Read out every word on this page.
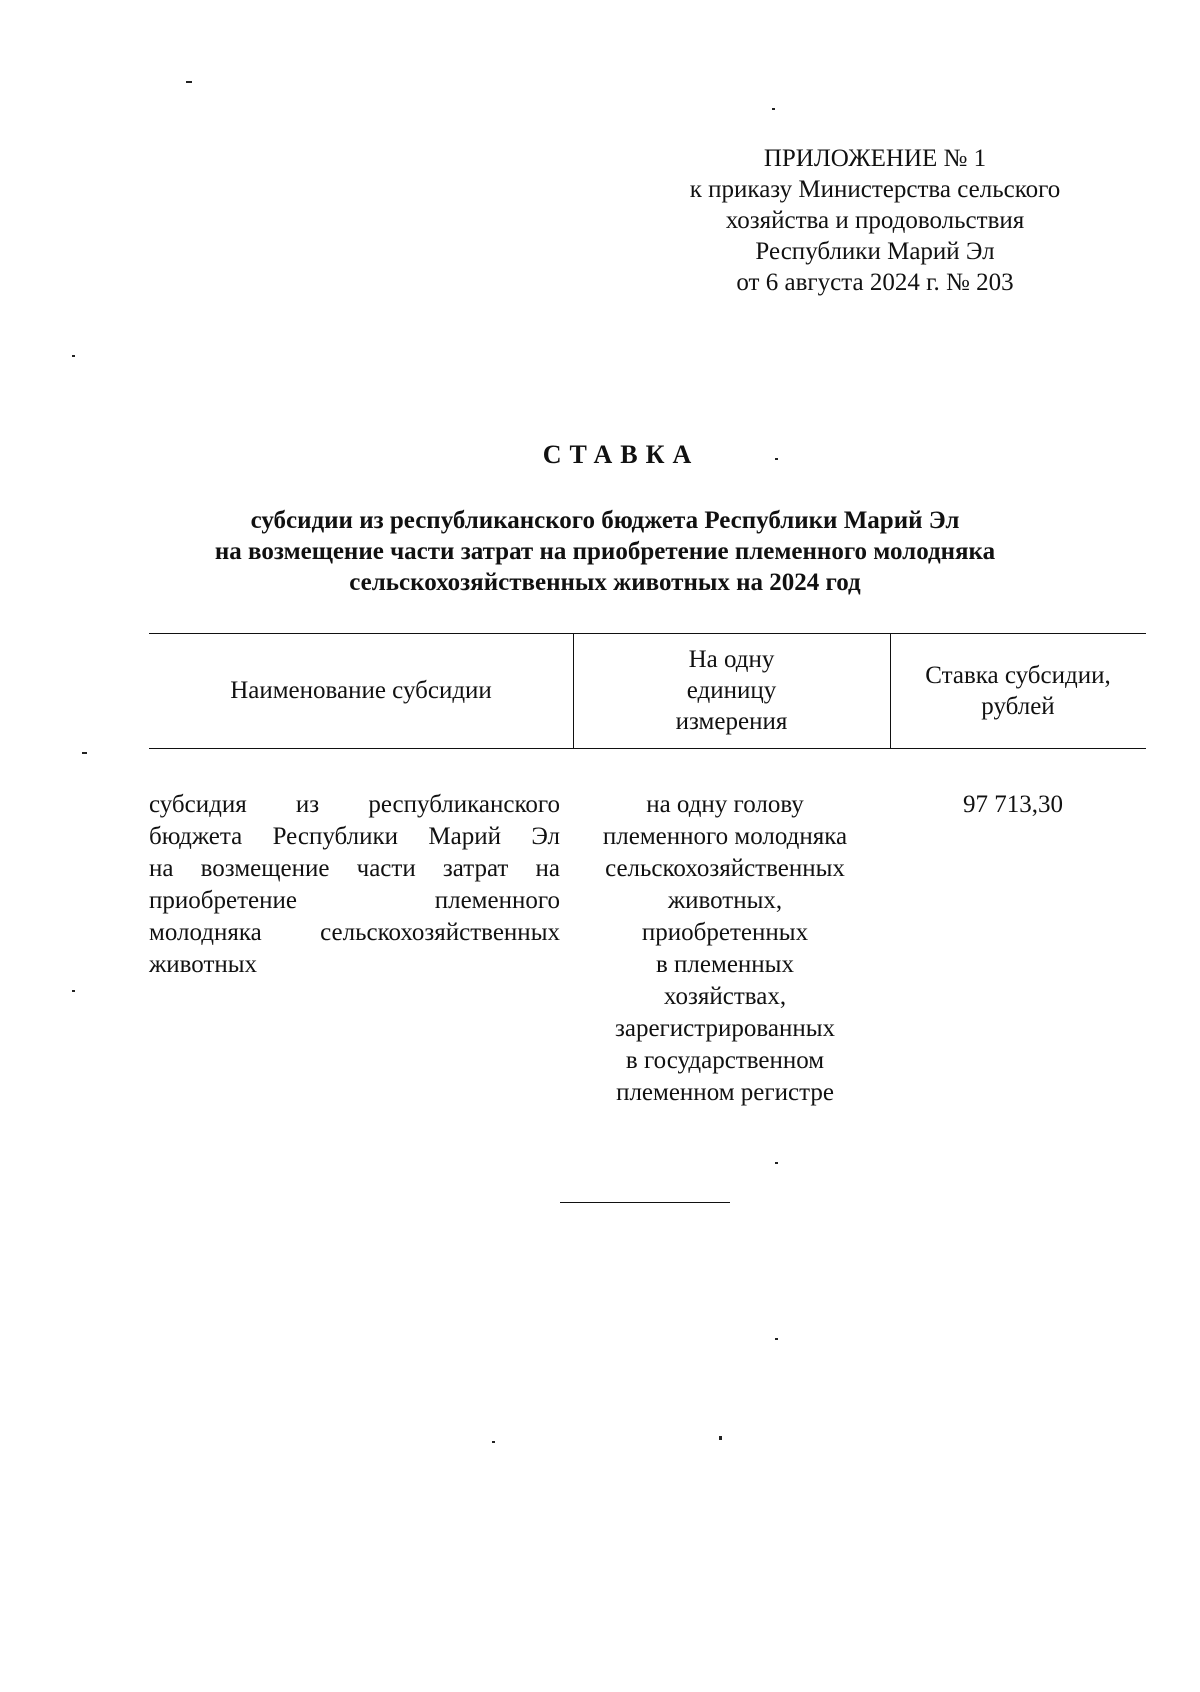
ПРИЛОЖЕНИЕ № 1
к приказу Министерства сельского
хозяйства и продовольствия
Республики Марий Эл
от 6 августа 2024 г. № 203
СТАВКА
субсидии из республиканского бюджета Республики Марий Эл
на возмещение части затрат на приобретение племенного молодняка
сельскохозяйственных животных на 2024 год
Наименование субсидии
На одну
единицу
измерения
Ставка субсидии,
рублей
субсидия из республиканского
бюджета Республики Марий Эл
на возмещение части затрат на
приобретение племенного
молодняка сельскохозяйственных
животных
на одну голову
племенного молодняка
сельскохозяйственных
животных,
приобретенных
в племенных
хозяйствах,
зарегистрированных
в государственном
племенном регистре
97 713,30
